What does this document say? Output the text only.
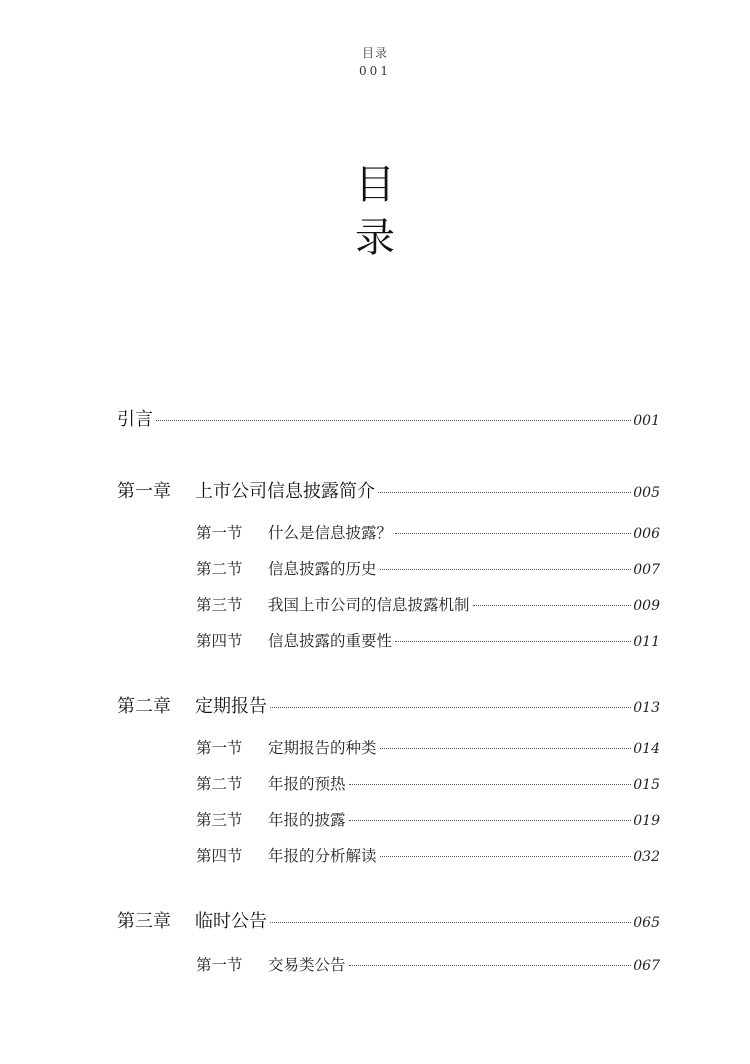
目录
001
目
录
引言	001
第一章	上市公司信息披露简介	005
第一节	什么是信息披露？	006
第二节	信息披露的历史	007
第三节	我国上市公司的信息披露机制	009
第四节	信息披露的重要性	011
第二章	定期报告	013
第一节	定期报告的种类	014
第二节	年报的预热	015
第三节	年报的披露	019
第四节	年报的分析解读	032
第三章	临时公告	065
第一节	交易类公告	067
